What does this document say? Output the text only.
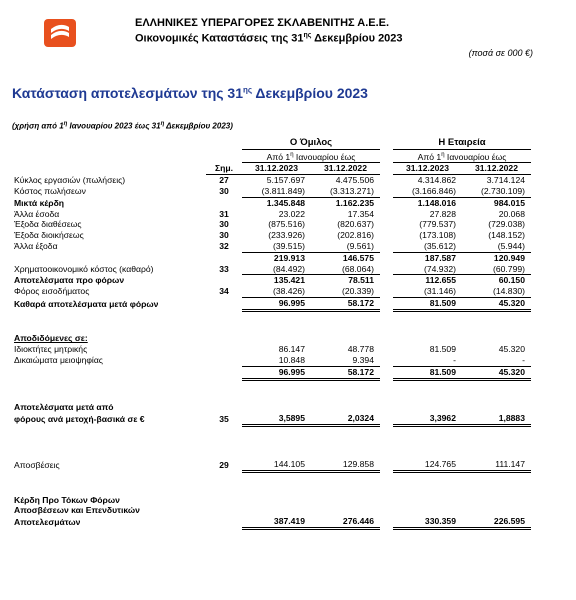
ΕΛΛΗΝΙΚΕΣ ΥΠΕΡΑΓΟΡΕΣ ΣΚΛΑΒΕΝΙΤΗΣ Α.Ε.Ε.
Οικονομικές Καταστάσεις της $31^{\eta\varsigma}$ Δεκεμβρίου 2023
(ποσά σε 000 €)
Κατάσταση αποτελεσμάτων της $31^{\eta\varsigma}$ Δεκεμβρίου 2023
(χρήση από $1^\eta$ Ιανουαρίου 2023 έως $31^\eta$ Δεκεμβρίου 2023)
		Ο Όμιλος			Η Εταιρεία	
		Από $1^\eta$ Ιανουαρίου έως			Από $1^\eta$ Ιανουαρίου έως	
	Σημ.	31.12.2023	31.12.2022		31.12.2023	31.12.2022
Κύκλος εργασιών (πωλήσεις)	27	5.157.697	4.475.506		4.314.862	3.714.124
Κόστος πωλήσεων	30	(3.811.849)	(3.313.271)		(3.166.846)	(2.730.109)
Μικτά κέρδη		1.345.848	1.162.235		1.148.016	984.015
Άλλα έσοδα	31	23.022	17.354		27.828	20.068
Έξοδα διαθέσεως	30	(875.516)	(820.637)		(779.537)	(729.038)
Έξοδα διοικήσεως	30	(233.926)	(202.816)		(173.108)	(148.152)
Άλλα έξοδα	32	(39.515)	(9.561)		(35.612)	(5.944)
		219.913	146.575		187.587	120.949
Χρηματοοικονομικό κόστος (καθαρό)	33	(84.492)	(68.064)		(74.932)	(60.799)
Αποτελέσματα προ φόρων		135.421	78.511		112.655	60.150
Φόρος εισοδήματος	34	(38.426)	(20.339)		(31.146)	(14.830)
Καθαρά αποτελέσματα μετά φόρων		96.995	58.172		81.509	45.320

Αποδιδόμενες σε:						
Ιδιοκτήτες μητρικής		86.147	48.778		81.509	45.320
Δικαιώματα μειοψηφίας		10.848	9.394		-	-
		96.995	58.172		81.509	45.320

Αποτελέσματα μετά από						
φόρους ανά μετοχή-βασικά σε €	35	3,5895	2,0324		3,3962	1,8883

Αποσβέσεις	29	144.105	129.858		124.765	111.147

Κέρδη Προ Τόκων Φόρων						
Αποσβέσεων και Επενδυτικών						
Αποτελεσμάτων		387.419	276.446		330.359	226.595
